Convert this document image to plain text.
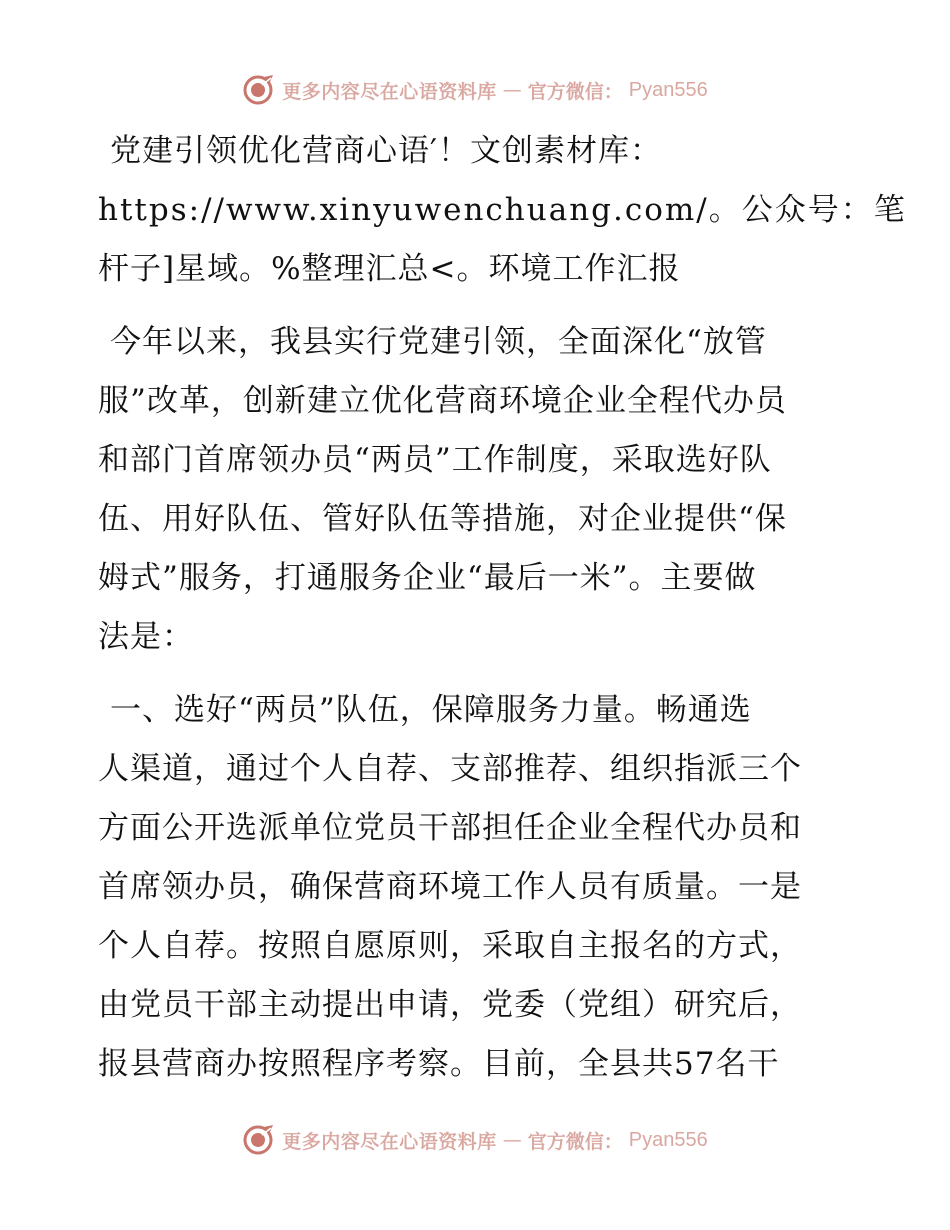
更多内容尽在心语资料库 — 官方微信： Pyan556

党建引领优化营商心语′！文创素材库：
https://www.xinyuwenchuang.com/。公众号：笔
杆子]星域。%整理汇总<。环境工作汇报

今年以来，我县实行党建引领，全面深化“放管
服”改革，创新建立优化营商环境企业全程代办员
和部门首席领办员“两员”工作制度，采取选好队
伍、用好队伍、管好队伍等措施，对企业提供“保
姆式”服务，打通服务企业“最后一米”。主要做
法是：

一、选好“两员”队伍，保障服务力量。畅通选
人渠道，通过个人自荐、支部推荐、组织指派三个
方面公开选派单位党员干部担任企业全程代办员和
首席领办员，确保营商环境工作人员有质量。一是
个人自荐。按照自愿原则，采取自主报名的方式，
由党员干部主动提出申请，党委（党组）研究后，
报县营商办按照程序考察。目前，全县共57名干

更多内容尽在心语资料库 — 官方微信： Pyan556
